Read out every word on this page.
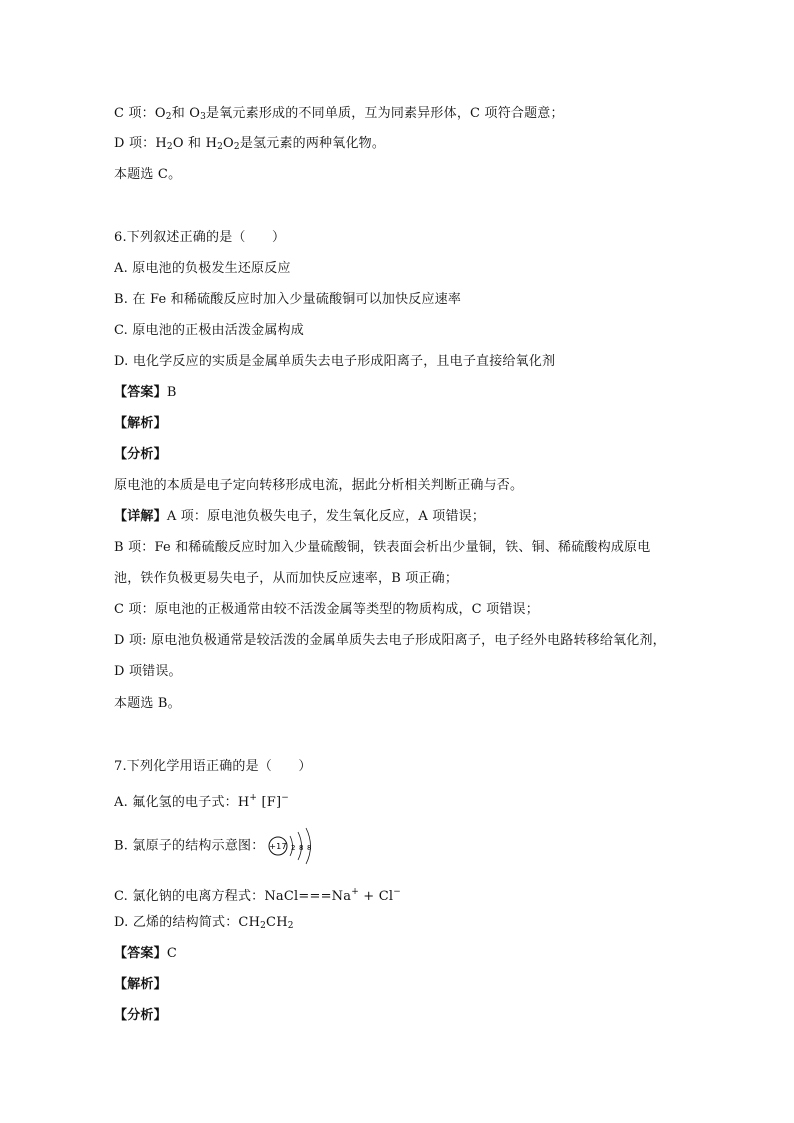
C 项：$O_2$和 $O_3$是氧元素形成的不同单质，互为同素异形体，C 项符合题意；
D 项：$H_2O$ 和 $H_2O_2$是氢元素的两种氧化物。
本题选 C。
6.下列叙述正确的是（　　）
A. 原电池的负极发生还原反应
B. 在 Fe 和稀硫酸反应时加入少量硫酸铜可以加快反应速率
C. 原电池的正极由活泼金属构成
D. 电化学反应的实质是金属单质失去电子形成阳离子，且电子直接给氧化剂
【答案】B
【解析】
【分析】
原电池的本质是电子定向转移形成电流，据此分析相关判断正确与否。
【详解】A 项：原电池负极失电子，发生氧化反应，A 项错误；
B 项：Fe 和稀硫酸反应时加入少量硫酸铜，铁表面会析出少量铜，铁、铜、稀硫酸构成原电
池，铁作负极更易失电子，从而加快反应速率，B 项正确；
C 项：原电池的正极通常由较不活泼金属等类型的物质构成，C 项错误；
D 项: 原电池负极通常是较活泼的金属单质失去电子形成阳离子，电子经外电路转移给氧化剂，
D 项错误。
本题选 B。
7.下列化学用语正确的是（　　）
A. 氟化氢的电子式：H+ [F]−
B. 氯原子的结构示意图： +17 2 8 8
C. 氯化钠的电离方程式：NaCl===Na+ + Cl−
D. 乙烯的结构简式：$CH_2CH_2$
【答案】C
【解析】
【分析】
